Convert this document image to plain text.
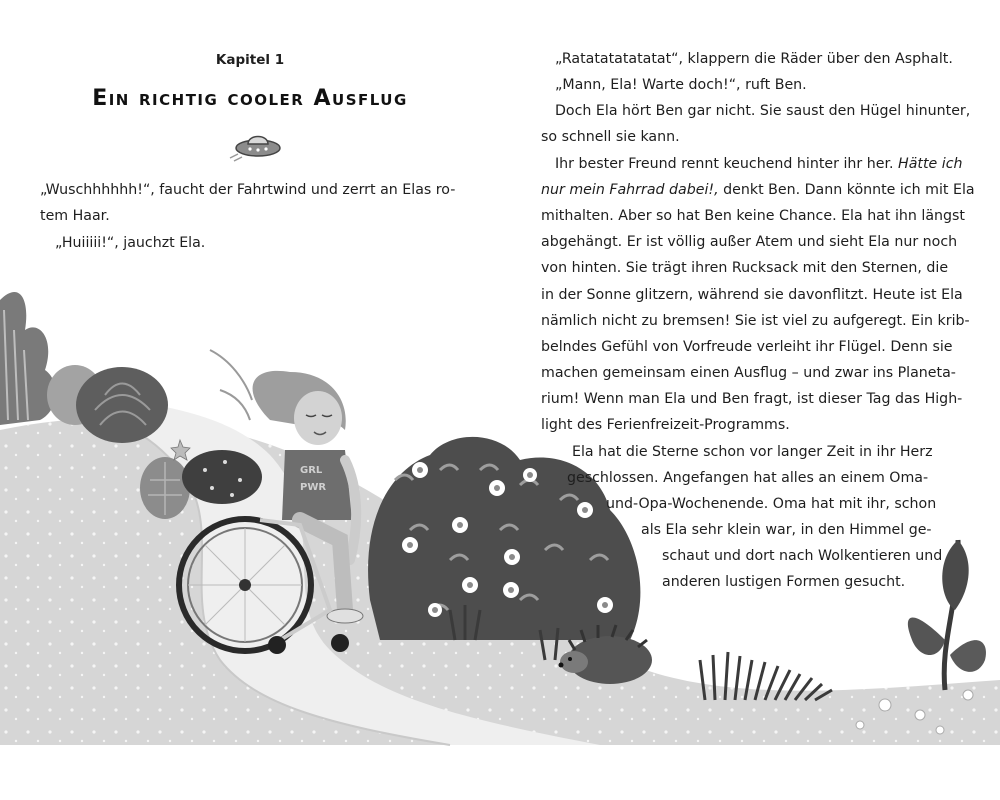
GRL
PWR
Kapitel 1
Ein richtig cooler Ausflug

„Wuschhhhhh!“, faucht der Fahrtwind und zerrt an Elas ro-

tem Haar.

„Huiiiii!“, jauchzt Ela.

„Ratatatatatatat“, klappern die Räder über den Asphalt.

„Mann, Ela! Warte doch!“, ruft Ben.

Doch Ela hört Ben gar nicht. Sie saust den Hügel hinunter,

so schnell sie kann.

Ihr bester Freund rennt keuchend hinter ihr her. Hätte ich

nur mein Fahrrad dabei!, denkt Ben. Dann könnte ich mit Ela

mithalten. Aber so hat Ben keine Chance. Ela hat ihn längst

abgehängt. Er ist völlig außer Atem und sieht Ela nur noch

von hinten. Sie trägt ihren Rucksack mit den Sternen, die

in der Sonne glitzern, während sie davonflitzt. Heute ist Ela

nämlich nicht zu bremsen! Sie ist viel zu aufgeregt. Ein krib-

belndes Gefühl von Vorfreude verleiht ihr Flügel. Denn sie

machen gemeinsam einen Ausflug – und zwar ins Planeta-

rium! Wenn man Ela und Ben fragt, ist dieser Tag das High-

light des Ferienfreizeit-Programms.

Ela hat die Sterne schon vor langer Zeit in ihr Herz

geschlossen. Angefangen hat alles an einem Oma-

und-Opa-Wochenende. Oma hat mit ihr, schon

als Ela sehr klein war, in den Himmel ge-

schaut und dort nach Wolkentieren und

anderen lustigen Formen gesucht.
